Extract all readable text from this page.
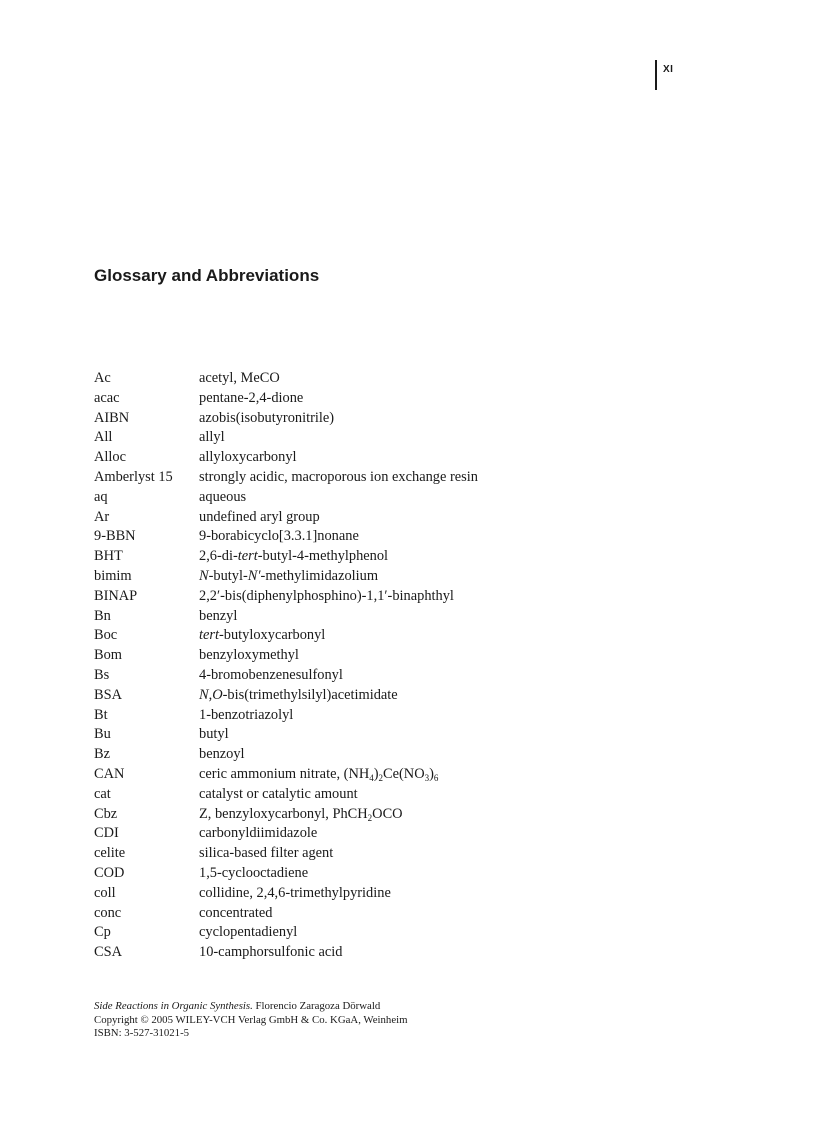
XI
Glossary and Abbreviations
Ac	acetyl, MeCO
acac	pentane-2,4-dione
AIBN	azobis(isobutyronitrile)
All	allyl
Alloc	allyloxycarbonyl
Amberlyst 15	strongly acidic, macroporous ion exchange resin
aq	aqueous
Ar	undefined aryl group
9-BBN	9-borabicyclo[3.3.1]nonane
BHT	2,6-di-tert-butyl-4-methylphenol
bimim	N-butyl-N′-methylimidazolium
BINAP	2,2′-bis(diphenylphosphino)-1,1′-binaphthyl
Bn	benzyl
Boc	tert-butyloxycarbonyl
Bom	benzyloxymethyl
Bs	4-bromobenzenesulfonyl
BSA	N,O-bis(trimethylsilyl)acetimidate
Bt	1-benzotriazolyl
Bu	butyl
Bz	benzoyl
CAN	ceric ammonium nitrate, $(NH_4)_2Ce(NO_3)_6$
cat	catalyst or catalytic amount
Cbz	Z, benzyloxycarbonyl, PhCH$_2$OCO
CDI	carbonyldiimidazole
celite	silica-based filter agent
COD	1,5-cyclooctadiene
coll	collidine, 2,4,6-trimethylpyridine
conc	concentrated
Cp	cyclopentadienyl
CSA	10-camphorsulfonic acid
Side Reactions in Organic Synthesis. Florencio Zaragoza Dörwald
Copyright © 2005 WILEY-VCH Verlag GmbH & Co. KGaA, Weinheim
ISBN: 3-527-31021-5
